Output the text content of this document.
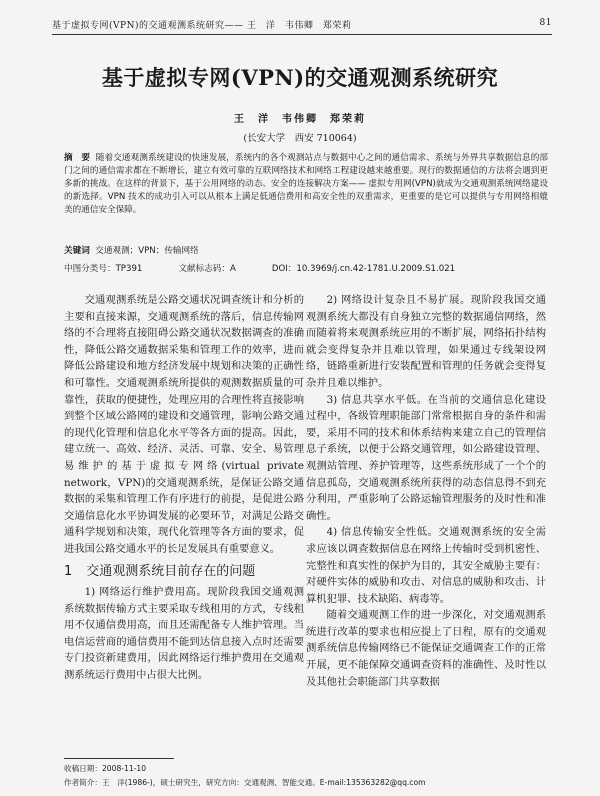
基于虚拟专网(VPN)的交通观测系统研究—— 王　洋　韦伟卿　郑荣莉	81
基于虚拟专网(VPN)的交通观测系统研究
王　洋　韦伟卿　郑荣莉
(长安大学　西安 710064)
摘　要 随着交通观测系统建设的快速发展，系统内的各个观测站点与数据中心之间的通信需求、系统与外界共享数据信息的部门之间的通信需求都在不断增长，建立有效可靠的互联网络技术和网络工程建设越来越重要。现行的数据通信的方法将会遇到更多新的挑战。在这样的背景下，基于公用网络的动态、安全的连接解决方案—— 虚拟专用网(VPN)就成为交通观测系统网络建设的新选择。VPN 技术的成功引入可以从根本上满足低通信费用和高安全性的双重需求，更重要的是它可以提供与专用网络相媲美的通信安全保障。
关键词 交通观测；VPN；传输网络
中图分类号：TP391	文献标志码：A	DOI：10.3969/j.cn.42-1781.U.2009.S1.021

交通观测系统是公路交通状况调查统计和分析的主要和直接来源，交通观测系统的落后，信息传输网络的不合理将直接阻碍公路交通状况数据调查的准确性，降低公路交通数据采集和管理工作的效率，进而降低公路建设和地方经济发展中规划和决策的正确性和可靠性。交通观测系统所提供的观测数据质量的可靠性，获取的便捷性，处理应用的合理性将直接影响到整个区域公路网的建设和交通管理，影响公路交通的现代化管理和信息化水平等各方面的提高。因此，建立统一、高效、经济、灵活、可靠、安全、易管理易维护的基于虚拟专网络(virtual private network，VPN)的交通观测系统，是保证公路交通数据的采集和管理工作有序进行的前提，是促进公路交通信息化水平协调发展的必要环节，对满足公路交通科学规划和决策，现代化管理等各方面的要求，促进我国公路交通水平的长足发展具有重要意义。

1 交通观测系统目前存在的问题

1) 网络运行维护费用高。现阶段我国交通观测系统数据传输方式主要采取专线租用的方式，专线租用不仅通信费用高，而且还需配备专人维护管理。当电信运营商的通信费用不能到达信息接入点时还需要专门投资新建费用，因此网络运行维护费用在交通观测系统运行费用中占很大比例。

2) 网络设计复杂且不易扩展。现阶段我国交通观测系统大都没有自身独立完整的数据通信网络，然而随着将来观测系统应用的不断扩展，网络拓扑结构就会变得复杂并且难以管理，如果通过专线架设网络，链路重新进行安装配置和管理的任务就会变得复杂并且难以维护。

3) 信息共享水平低。在当前的交通信息化建设过程中，各级管理职能部门常常根据自身的条件和需要，采用不同的技术和体系结构来建立自己的管理信息子系统，以便于公路交通管理，如公路建设管理、观测站管理、养护管理等，这些系统形成了一个个的信息孤岛，交通观测系统所获得的动态信息得不到充分利用，严重影响了公路运输管理服务的及时性和准确性。

4) 信息传输安全性低。交通观测系统的安全需求应该以调查数据信息在网络上传输时受到机密性、完整性和真实性的保护为目的，其安全威胁主要有：对硬件实体的威胁和攻击、对信息的威胁和攻击、计算机犯罪、技术缺陷、病毒等。

随着交通观测工作的进一步深化，对交通观测系统进行改革的要求也相应提上了日程，原有的交通观测系统信息传输网络已不能保证交通调查工作的正常开展，更不能保障交通调查资料的准确性、及时性以及其他社会职能部门共享数据

收稿日期：2008-11-10
作者简介：王　洋(1986-)，硕士研究生，研究方向：交通观测、智能交通。E-mail:135363282@qq.com
